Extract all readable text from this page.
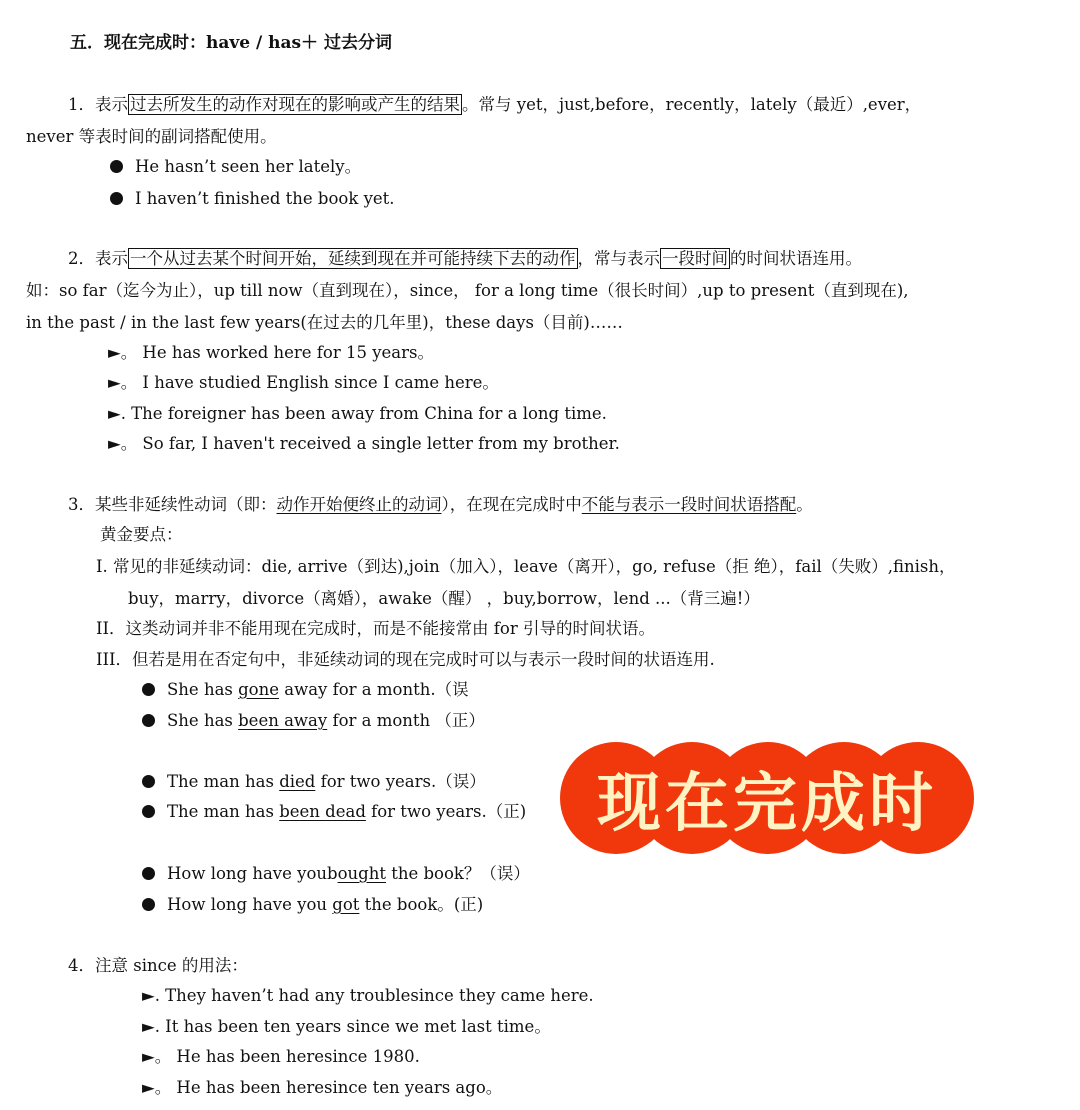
五．现在完成时：have / has＋ 过去分词
1．表示 过去所发生的动作对现在的影响或产生的结果 。常与 yet，just,before，recently，lately（最近）,ever，
never 等表时间的副词搭配使用。
He hasn’t seen her lately。
I haven’t finished the book yet.
2．表示 一个从过去某个时间开始，延续到现在并可能持续下去的动作 ，常与表示 一段时间 的时间状语连用。
如：so far（迄今为止），up till now（直到现在），since， for a long time（很长时间）,up to present（直到现在),
in the past / in the last few years(在过去的几年里)，these days（目前)……
►。 He has worked here for 15 years。
►。 I have studied English since I came here。
►. The foreigner has been away from China for a long time.
►。 So far, I haven't received a single letter from my brother.
3．某些非延续性动词（即：动作开始便终止的动词），在现在完成时中不能与表示一段时间状语搭配。
黄金要点：
I. 常见的非延续动词：die, arrive（到达),join（加入），leave（离开），go, refuse（拒 绝），fail（失败）,finish，
buy，marry，divorce（离婚），awake（醒） ，buy,borrow，lend ...（背三遍!）
II．这类动词并非不能用现在完成时，而是不能接常由 for 引导的时间状语。
III．但若是用在否定句中，非延续动词的现在完成时可以与表示一段时间的状语连用.
She has gone away for a month.（误
She has been away for a month （正）
The man has died for two years.（误）
The man has been dead for two years.（正)
How long have youbought the book？（误）
How long have you got the book。(正)
4．注意 since 的用法：
►. They haven’t had any troublesince they came here.
►. It has been ten years since we met last time。
►。 He has been heresince 1980.
►。 He has been heresince ten years ago。
现在完成时
